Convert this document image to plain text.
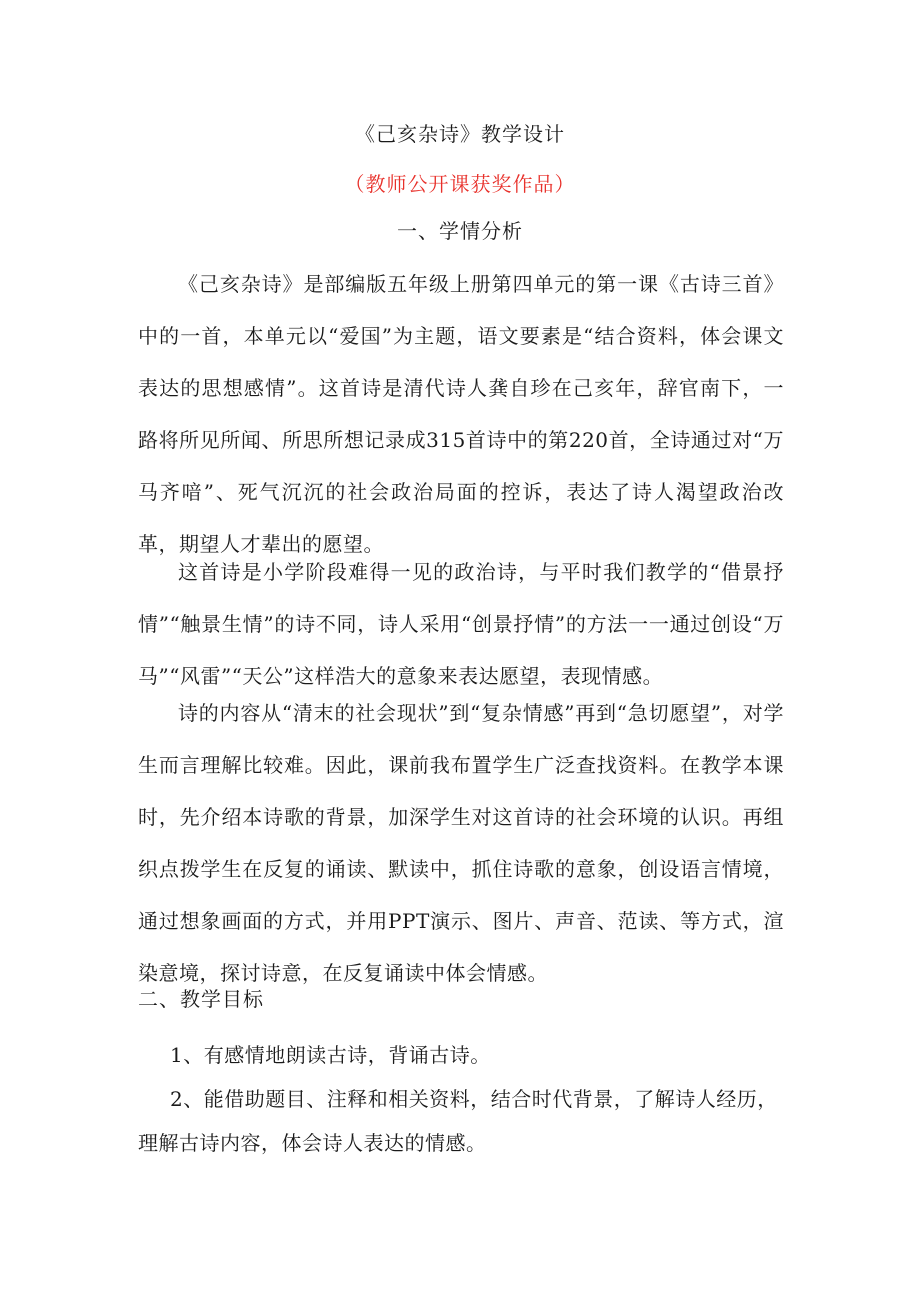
《己亥杂诗》教学设计
（教师公开课获奖作品）
一、学情分析
《己亥杂诗》是部编版五年级上册第四单元的第一课《古诗三首》中的一首，本单元以“爱国”为主题，语文要素是“结合资料，体会课文表达的思想感情”。这首诗是清代诗人龚自珍在己亥年，辞官南下，一路将所见所闻、所思所想记录成315首诗中的第220首，全诗通过对“万马齐喑”、死气沉沉的社会政治局面的控诉，表达了诗人渴望政治改革，期望人才辈出的愿望。
这首诗是小学阶段难得一见的政治诗，与平时我们教学的“借景抒情”“触景生情”的诗不同，诗人采用“创景抒情”的方法一一通过创设“万马”“风雷”“天公”这样浩大的意象来表达愿望，表现情感。
诗的内容从“清末的社会现状”到“复杂情感”再到“急切愿望”，对学生而言理解比较难。因此，课前我布置学生广泛查找资料。在教学本课时，先介绍本诗歌的背景，加深学生对这首诗的社会环境的认识。再组织点拨学生在反复的诵读、默读中，抓住诗歌的意象，创设语言情境，通过想象画面的方式，并用PPT演示、图片、声音、范读、等方式，渲染意境，探讨诗意，在反复诵读中体会情感。
二、教学目标
1、有感情地朗读古诗，背诵古诗。
2、能借助题目、注释和相关资料，结合时代背景，了解诗人经历，理解古诗内容，体会诗人表达的情感。
